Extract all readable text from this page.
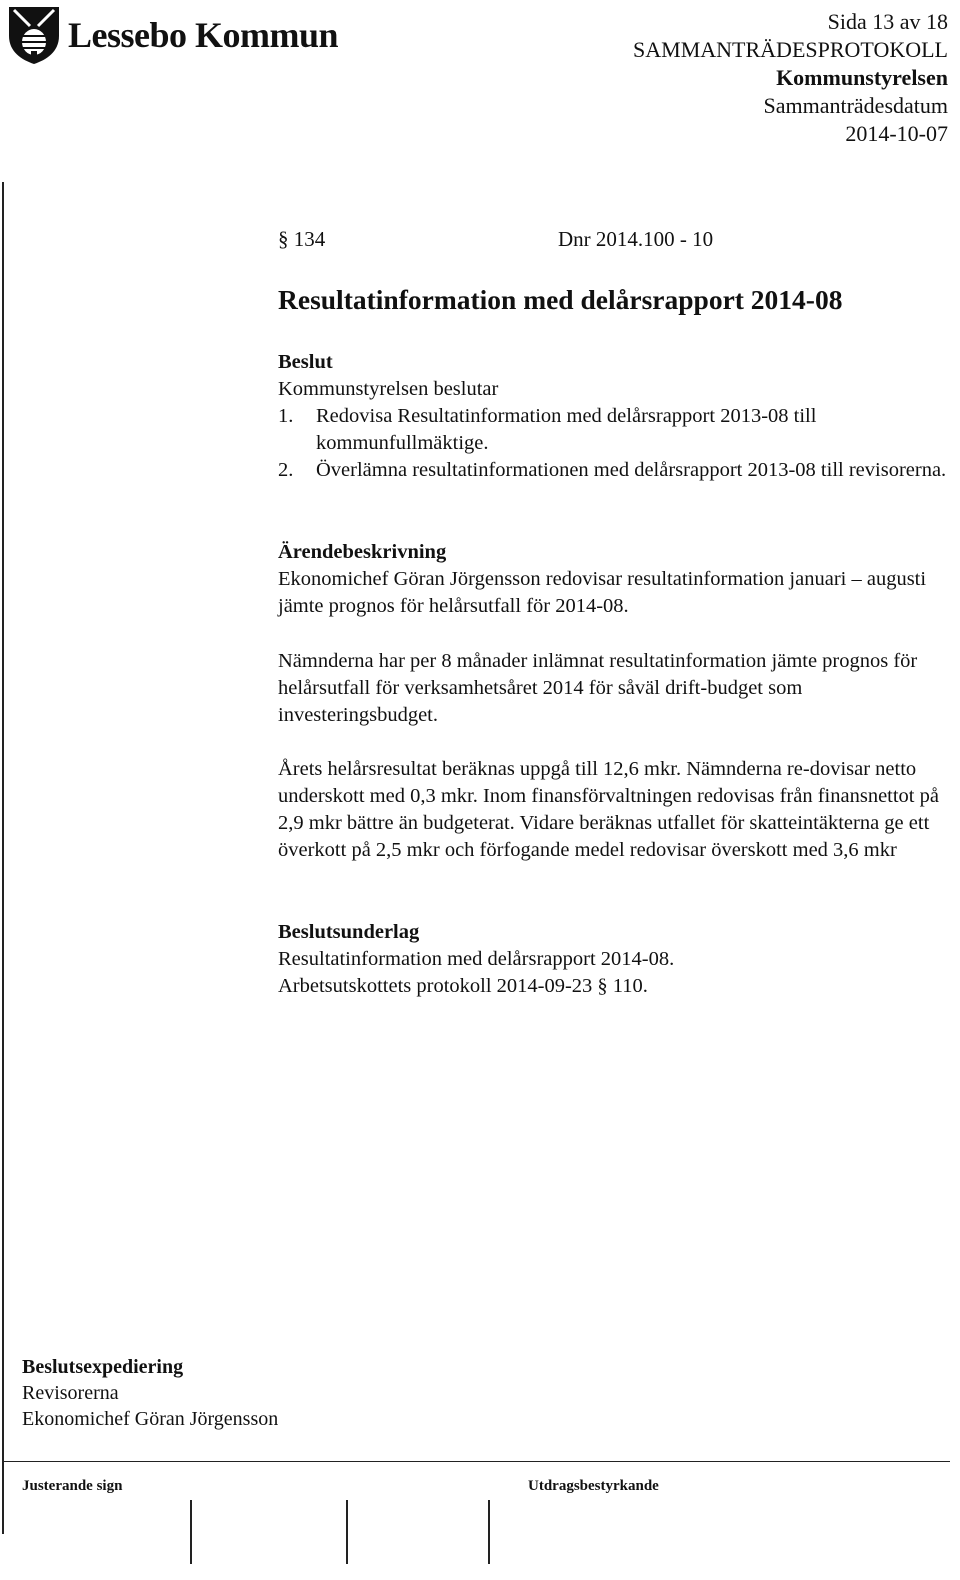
Lessebo Kommun	Sida 13 av 18
SAMMANTRÄDESPROTOKOLL
Kommunstyrelsen
Sammanträdesdatum
2014-10-07
§ 134	Dnr 2014.100 - 10
Resultatinformation med delårsrapport 2014-08
Beslut
Kommunstyrelsen beslutar
1. Redovisa Resultatinformation med delårsrapport 2013-08 till kommunfullmäktige.
2. Överlämna resultatinformationen med delårsrapport 2013-08 till revisorerna.
Ärendebeskrivning
Ekonomichef Göran Jörgensson redovisar resultatinformation januari – augusti jämte prognos för helårsutfall för 2014-08.
Nämnderna har per 8 månader inlämnat resultatinformation jämte prognos för helårsutfall för verksamhetsåret 2014 för såväl drift-budget som investeringsbudget.
Årets helårsresultat beräknas uppgå till 12,6 mkr. Nämnderna re-dovisar netto underskott med 0,3 mkr. Inom finansförvaltningen redovisas från finansnettot på 2,9 mkr bättre än budgeterat. Vidare beräknas utfallet för skatteintäkterna ge ett överkott på 2,5 mkr och förfogande medel redovisar överskott med 3,6 mkr
Beslutsunderlag
Resultatinformation med delårsrapport 2014-08.
Arbetsutskottets protokoll 2014-09-23 § 110.
Beslutsexpediering
Revisorerna
Ekonomichef Göran Jörgensson
Justerande sign	Utdragsbestyrkande
